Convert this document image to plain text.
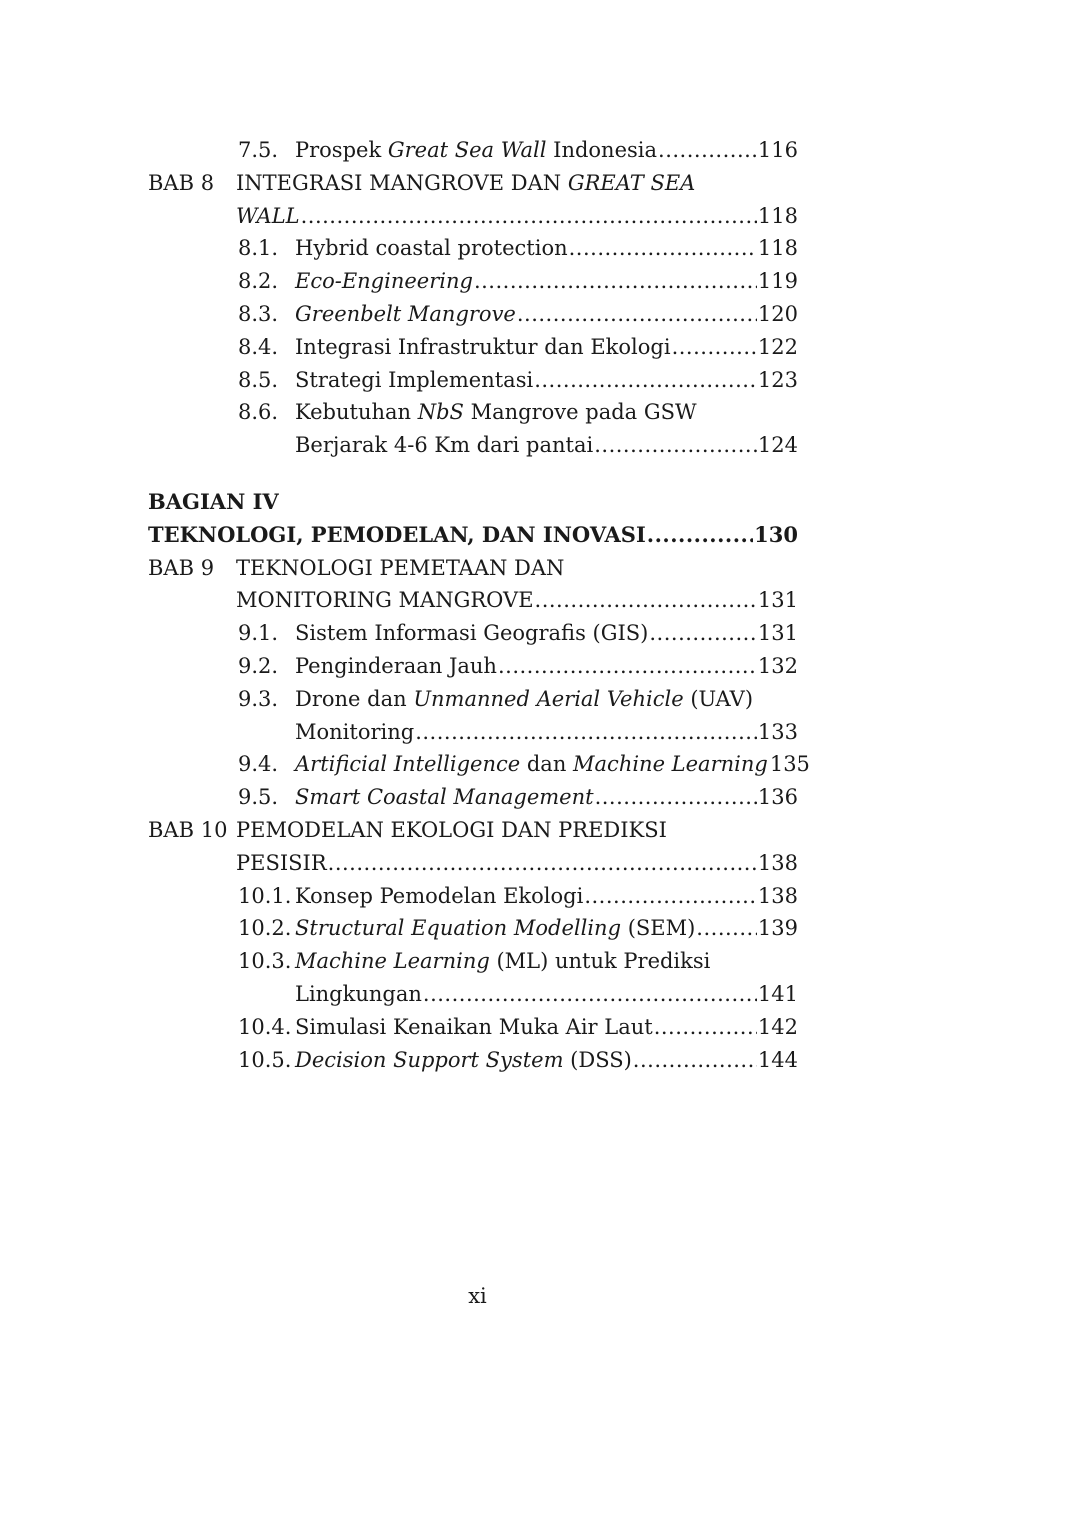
7.5. Prospek Great Sea Wall Indonesia .....	116
BAB 8 INTEGRASI MANGROVE DAN GREAT SEA
WALL .....	118
8.1. Hybrid coastal protection .....	118
8.2. Eco-Engineering .....	119
8.3. Greenbelt Mangrove .....	120
8.4. Integrasi Infrastruktur dan Ekologi .....	122
8.5. Strategi Implementasi .....	123
8.6. Kebutuhan NbS Mangrove pada GSW
Berjarak 4-6 Km dari pantai .....	124
BAGIAN IV
TEKNOLOGI, PEMODELAN, DAN INOVASI .....	130
BAB 9 TEKNOLOGI PEMETAAN DAN
MONITORING MANGROVE .....	131
9.1. Sistem Informasi Geografis (GIS) .....	131
9.2. Penginderaan Jauh .....	132
9.3. Drone dan Unmanned Aerial Vehicle (UAV)
Monitoring .....	133
9.4. Artificial Intelligence dan Machine Learning 135
9.5. Smart Coastal Management .....	136
BAB 10 PEMODELAN EKOLOGI DAN PREDIKSI
PESISIR .....	138
10.1. Konsep Pemodelan Ekologi .....	138
10.2. Structural Equation Modelling (SEM) .....	139
10.3. Machine Learning (ML) untuk Prediksi
Lingkungan .....	141
10.4. Simulasi Kenaikan Muka Air Laut .....	142
10.5. Decision Support System (DSS) .....	144
xi
